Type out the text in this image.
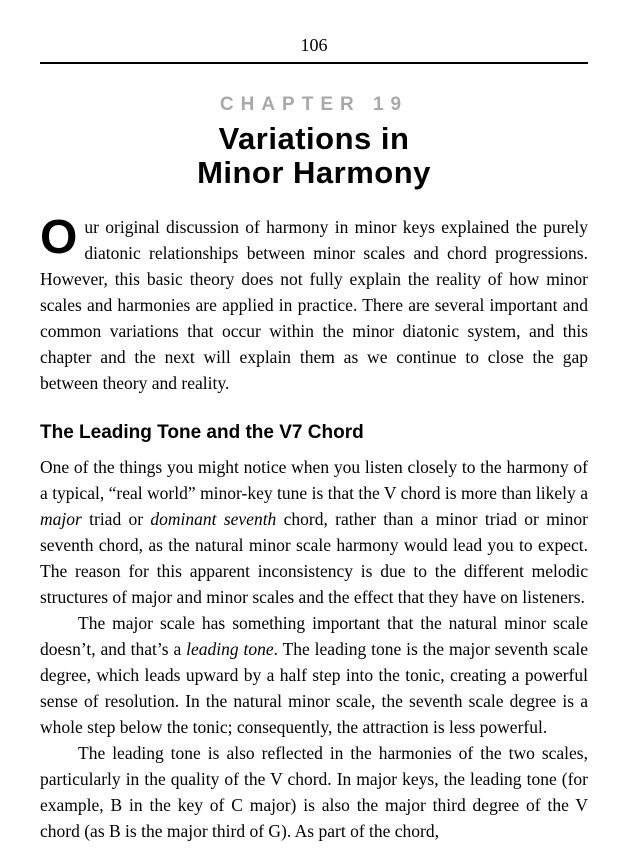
106
CHAPTER 19
Variations in
Minor Harmony

Our original discussion of harmony in minor keys explained the purely diatonic relationships between minor scales and chord progressions. However, this basic theory does not fully explain the reality of how minor scales and harmonies are applied in practice. There are several important and common variations that occur within the minor diatonic system, and this chapter and the next will explain them as we continue to close the gap between theory and reality.

The Leading Tone and the V7 Chord

One of the things you might notice when you listen closely to the harmony of a typical, “real world” minor-key tune is that the V chord is more than likely a major triad or dominant seventh chord, rather than a minor triad or minor seventh chord, as the natural minor scale harmony would lead you to expect. The reason for this apparent inconsistency is due to the different melodic structures of major and minor scales and the effect that they have on listeners.

The major scale has something important that the natural minor scale doesn’t, and that’s a leading tone. The leading tone is the major seventh scale degree, which leads upward by a half step into the tonic, creating a powerful sense of resolution. In the natural minor scale, the seventh scale degree is a whole step below the tonic; consequently, the attraction is less powerful.

The leading tone is also reflected in the harmonies of the two scales, particularly in the quality of the V chord. In major keys, the leading tone (for example, B in the key of C major) is also the major third degree of the V chord (as B is the major third of G). As part of the chord,
